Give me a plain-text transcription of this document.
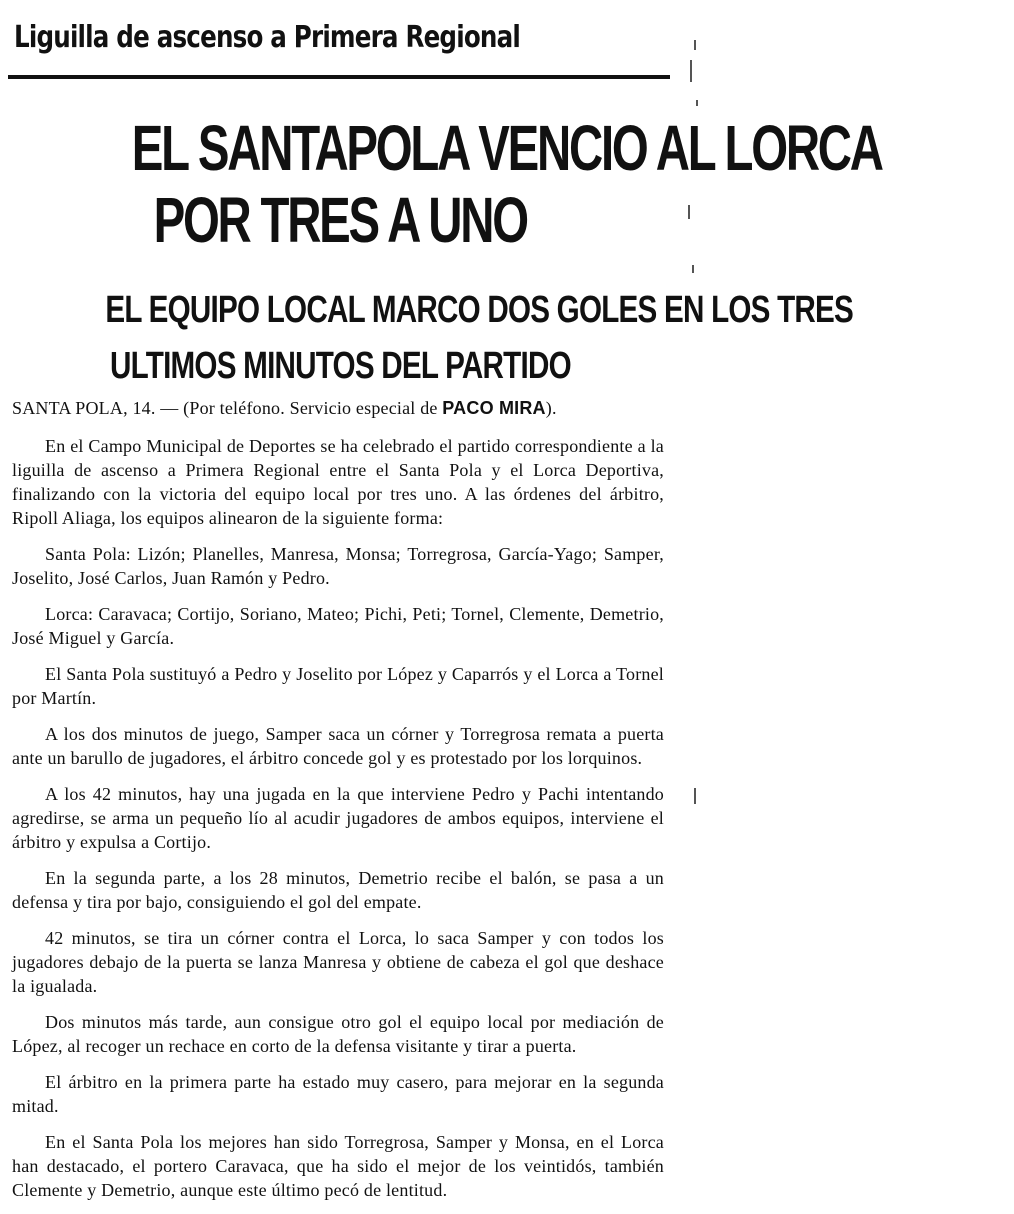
Liguilla de ascenso a Primera Regional
EL SANTAPOLA VENCIO AL LORCA
POR TRES A UNO
EL EQUIPO LOCAL MARCO DOS GOLES EN LOS TRES
ULTIMOS MINUTOS DEL PARTIDO

SANTA POLA, 14. — (Por teléfono. Servicio especial de PACO MIRA).

En el Campo Municipal de Deportes se ha celebrado el partido correspondiente a la liguilla de ascenso a Primera Regional entre el Santa Pola y el Lorca Deportiva, finalizando con la victoria del equipo local por tres uno. A las órdenes del árbitro, Ripoll Aliaga, los equipos alinearon de la siguiente forma:

Santa Pola: Lizón; Planelles, Manresa, Monsa; Torregrosa, García-Yago; Samper, Joselito, José Carlos, Juan Ramón y Pedro.

Lorca: Caravaca; Cortijo, Soriano, Mateo; Pichi, Peti; Tornel, Clemente, Demetrio, José Miguel y García.

El Santa Pola sustituyó a Pedro y Joselito por López y Caparrós y el Lorca a Tornel por Martín.

A los dos minutos de juego, Samper saca un córner y Torregrosa remata a puerta ante un barullo de jugadores, el árbitro concede gol y es protestado por los lorquinos.

A los 42 minutos, hay una jugada en la que interviene Pedro y Pachi intentando agredirse, se arma un pequeño lío al acudir jugadores de ambos equipos, interviene el árbitro y expulsa a Cortijo.

En la segunda parte, a los 28 minutos, Demetrio recibe el balón, se pasa a un defensa y tira por bajo, consiguiendo el gol del empate.

42 minutos, se tira un córner contra el Lorca, lo saca Samper y con todos los jugadores debajo de la puerta se lanza Manresa y obtiene de cabeza el gol que deshace la igualada.

Dos minutos más tarde, aun consigue otro gol el equipo local por mediación de López, al recoger un rechace en corto de la defensa visitante y tirar a puerta.

El árbitro en la primera parte ha estado muy casero, para mejorar en la segunda mitad.

En el Santa Pola los mejores han sido Torregrosa, Samper y Monsa, en el Lorca han destacado, el portero Caravaca, que ha sido el mejor de los veintidós, también Clemente y Demetrio, aunque este último pecó de lentitud.
